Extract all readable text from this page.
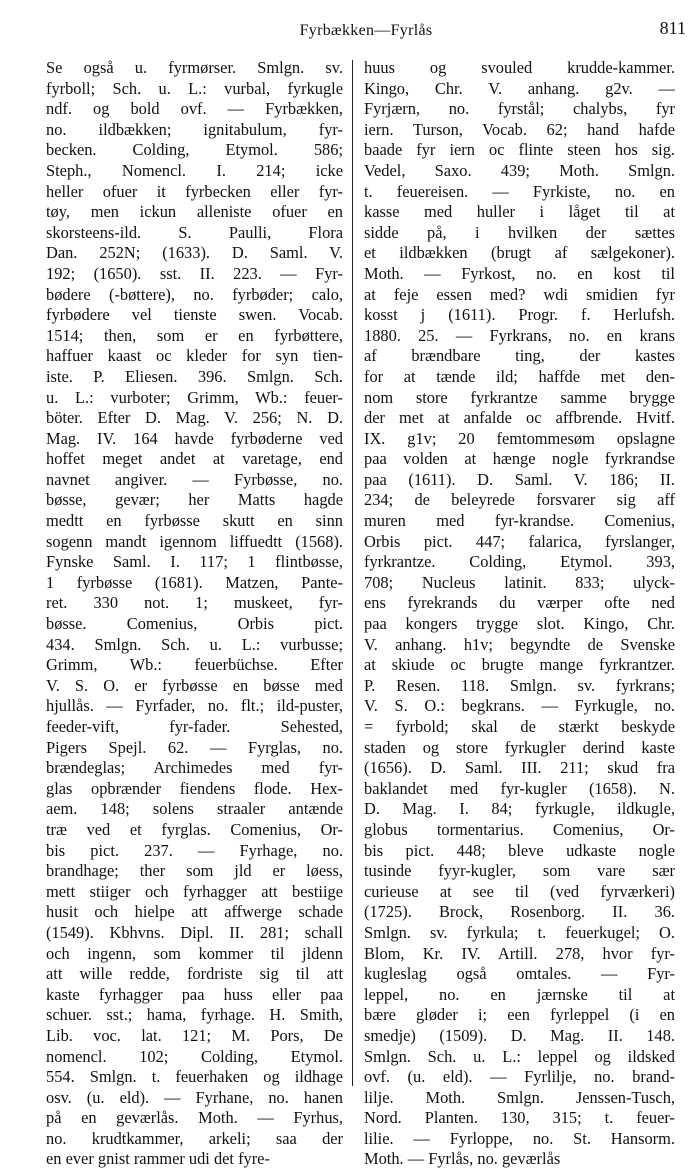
Fyrbækken—Fyrlås	811
Se også u. fyrmørser. Smlgn. sv.
fyrboll; Sch. u. L.: vurbal, fyrkugle
ndf. og bold ovf. — Fyrbækken,
no. ildbækken; ignitabulum, fyr-
becken. Colding, Etymol. 586;
Steph., Nomencl. I. 214; icke
heller ofuer it fyrbecken eller fyr-
tøy, men ickun alleniste ofuer en
skorsteens-ild. S. Paulli, Flora
Dan. 252N; (1633). D. Saml. V.
192; (1650). sst. II. 223. — Fyr-
bødere (-bøttere), no. fyrbøder; calo,
fyrbødere vel tienste swen. Vocab.
1514; then, som er en fyrbøttere,
haffuer kaast oc kleder for syn tien-
iste. P. Eliesen. 396. Smlgn. Sch.
u. L.: vurboter; Grimm, Wb.: feuer-
böter. Efter D. Mag. V. 256; N. D.
Mag. IV. 164 havde fyrbøderne ved
hoffet meget andet at varetage, end
navnet angiver. — Fyrbøsse, no.
bøsse, gevær; her Matts hagde
medtt en fyrbøsse skutt en sinn
sogenn mandt igennom liffuedtt (1568).
Fynske Saml. I. 117; 1 flintbøsse,
1 fyrbøsse (1681). Matzen, Pante-
ret. 330 not. 1; muskeet, fyr-
bøsse. Comenius, Orbis pict.
434. Smlgn. Sch. u. L.: vurbusse;
Grimm, Wb.: feuerbüchse. Efter
V. S. O. er fyrbøsse en bøsse med
hjullås. — Fyrfader, no. flt.; ild-puster,
feeder-vift, fyr-fader. Sehested,
Pigers Spejl. 62. — Fyrglas, no.
brændeglas; Archimedes med fyr-
glas opbrænder fiendens flode. Hex-
aem. 148; solens straaler antænde
træ ved et fyrglas. Comenius, Or-
bis pict. 237. — Fyrhage, no.
brandhage; ther som jld er løess,
mett stiiger och fyrhagger att bestiige
husit och hielpe att affwerge schade
(1549). Kbhvns. Dipl. II. 281; schall
och ingenn, som kommer til jldenn
att wille redde, fordriste sig til att
kaste fyrhagger paa huss eller paa
schuer. sst.; hama, fyrhage. H. Smith,
Lib. voc. lat. 121; M. Pors, De
nomencl. 102; Colding, Etymol.
554. Smlgn. t. feuerhaken og ildhage
osv. (u. eld). — Fyrhane, no. hanen
på en geværlås. Moth. — Fyrhus,
no. krudtkammer, arkeli; saa der
en ever gnist rammer udi det fyre-
huus og svouled krudde-kammer.
Kingo, Chr. V. anhang. g2v. —
Fyrjærn, no. fyrstål; chalybs, fyr
iern. Turson, Vocab. 62; hand hafde
baade fyr iern oc flinte steen hos sig.
Vedel, Saxo. 439; Moth. Smlgn.
t. feuereisen. — Fyrkiste, no. en
kasse med huller i låget til at
sidde på, i hvilken der sættes
et ildbækken (brugt af sælgekoner).
Moth. — Fyrkost, no. en kost til
at feje essen med? wdi smidien fyr
kosst j (1611). Progr. f. Herlufsh.
1880. 25. — Fyrkrans, no. en krans
af brændbare ting, der kastes
for at tænde ild; haffde met den-
nom store fyrkrantze samme brygge
der met at anfalde oc affbrende. Hvitf.
IX. g1v; 20 femtommesøm opslagne
paa volden at hænge nogle fyrkrandse
paa (1611). D. Saml. V. 186; II.
234; de beleyrede forsvarer sig aff
muren med fyr-krandse. Comenius,
Orbis pict. 447; falarica, fyrslanger,
fyrkrantze. Colding, Etymol. 393,
708; Nucleus latinit. 833; ulyck-
ens fyrekrands du værper ofte ned
paa kongers trygge slot. Kingo, Chr.
V. anhang. h1v; begyndte de Svenske
at skiude oc brugte mange fyrkrantzer.
P. Resen. 118. Smlgn. sv. fyrkrans;
V. S. O.: begkrans. — Fyrkugle, no.
= fyrbold; skal de stærkt beskyde
staden og store fyrkugler derind kaste
(1656). D. Saml. III. 211; skud fra
baklandet med fyr-kugler (1658). N.
D. Mag. I. 84; fyrkugle, ildkugle,
globus tormentarius. Comenius, Or-
bis pict. 448; bleve udkaste nogle
tusinde fyyr-kugler, som vare sær
curieuse at see til (ved fyrværkeri)
(1725). Brock, Rosenborg. II. 36.
Smlgn. sv. fyrkula; t. feuerkugel; O.
Blom, Kr. IV. Artill. 278, hvor fyr-
kugleslag også omtales. — Fyr-
leppel, no. en jærnske til at
bære gløder i; een fyrleppel (i en
smedje) (1509). D. Mag. II. 148.
Smlgn. Sch. u. L.: leppel og ildsked
ovf. (u. eld). — Fyrlilje, no. brand-
lilje. Moth. Smlgn. Jenssen-Tusch,
Nord. Planten. 130, 315; t. feuer-
lilie. — Fyrloppe, no. St. Hansorm.
Moth. — Fyrlås, no. geværlås
